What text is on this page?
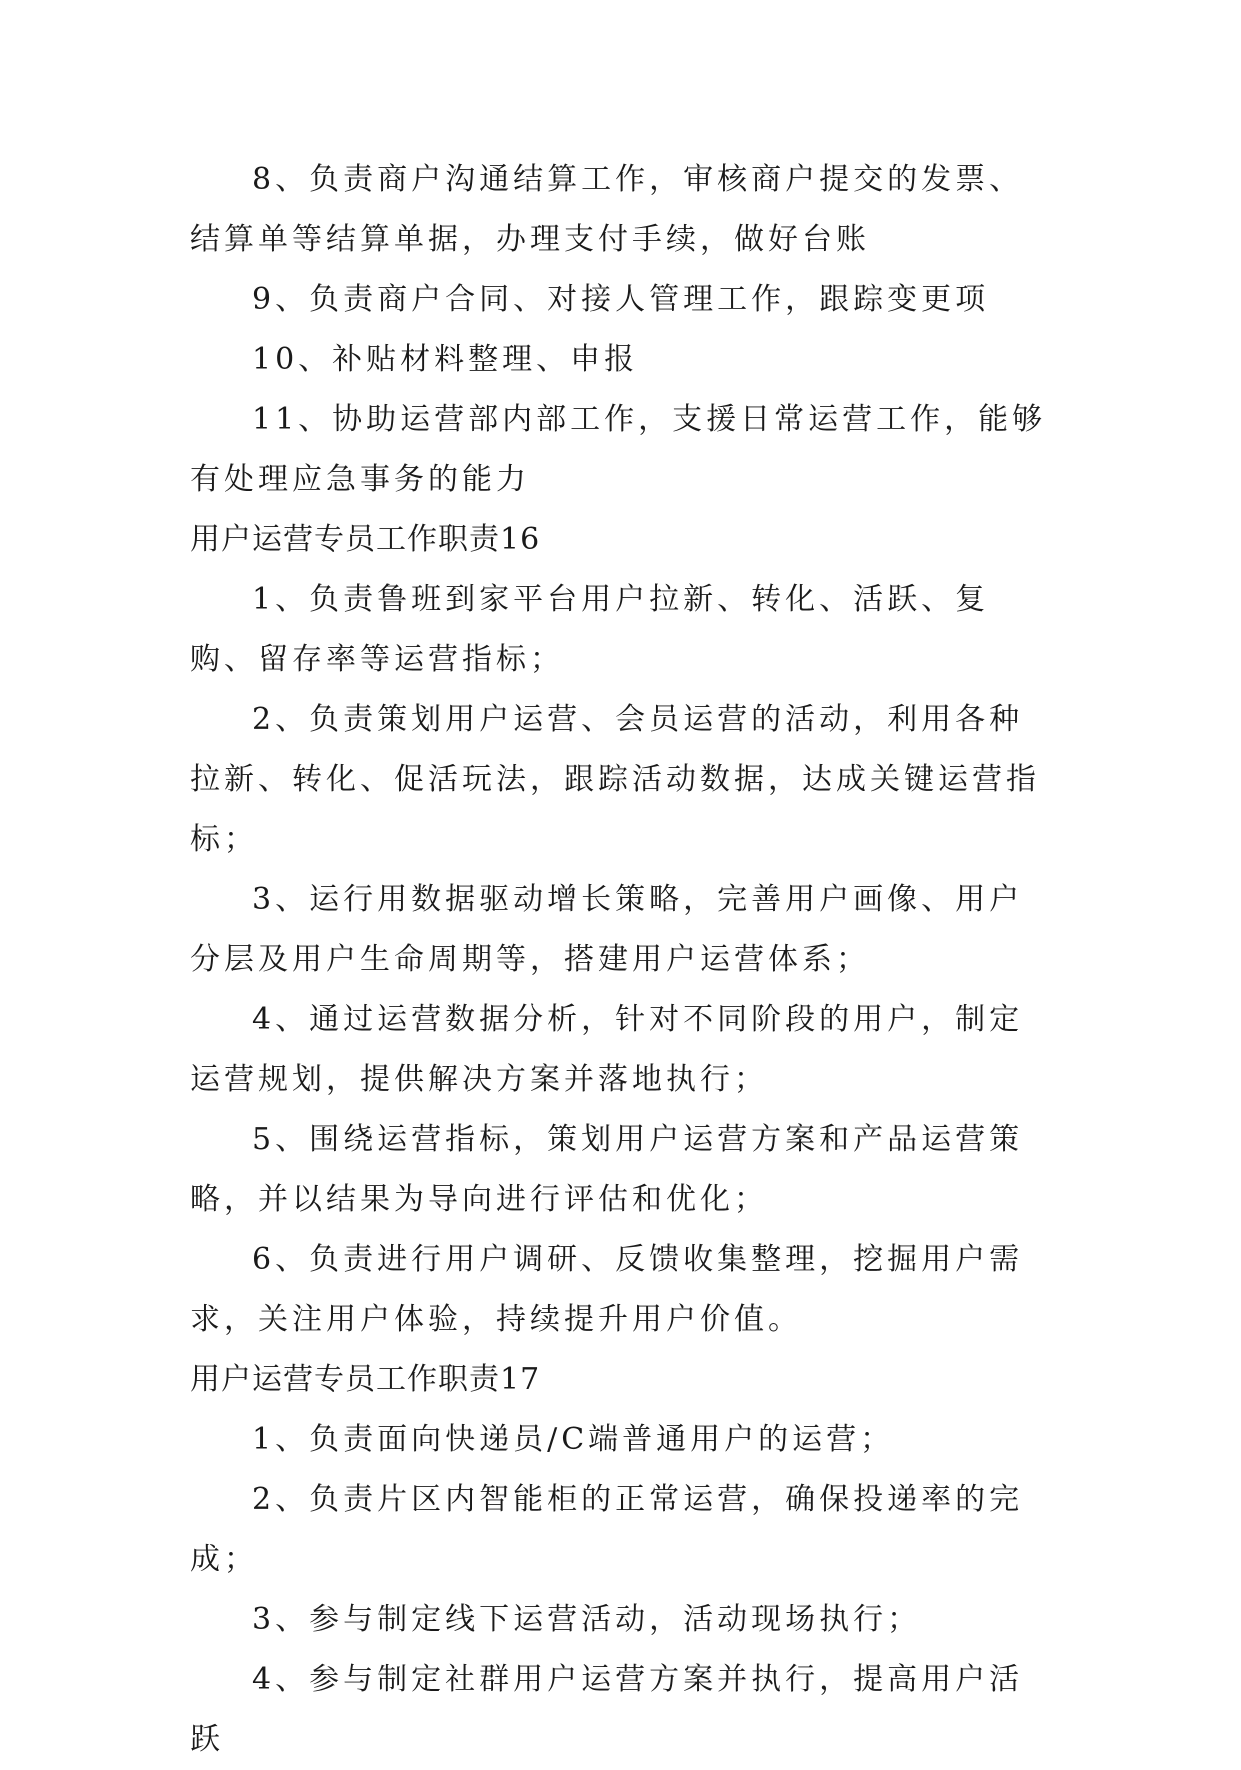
8、负责商户沟通结算工作，审核商户提交的发票、结算单等结算单据，办理支付手续，做好台账

9、负责商户合同、对接人管理工作，跟踪变更项

10、补贴材料整理、申报

11、协助运营部内部工作，支援日常运营工作，能够有处理应急事务的能力

用户运营专员工作职责16

1、负责鲁班到家平台用户拉新、转化、活跃、复购、留存率等运营指标；

2、负责策划用户运营、会员运营的活动，利用各种拉新、转化、促活玩法，跟踪活动数据，达成关键运营指标；

3、运行用数据驱动增长策略，完善用户画像、用户分层及用户生命周期等，搭建用户运营体系；

4、通过运营数据分析，针对不同阶段的用户，制定运营规划，提供解决方案并落地执行；

5、围绕运营指标，策划用户运营方案和产品运营策略，并以结果为导向进行评估和优化；

6、负责进行用户调研、反馈收集整理，挖掘用户需求，关注用户体验，持续提升用户价值。

用户运营专员工作职责17

1、负责面向快递员/C端普通用户的运营；

2、负责片区内智能柜的正常运营，确保投递率的完成；

3、参与制定线下运营活动，活动现场执行；

4、参与制定社群用户运营方案并执行，提高用户活跃
